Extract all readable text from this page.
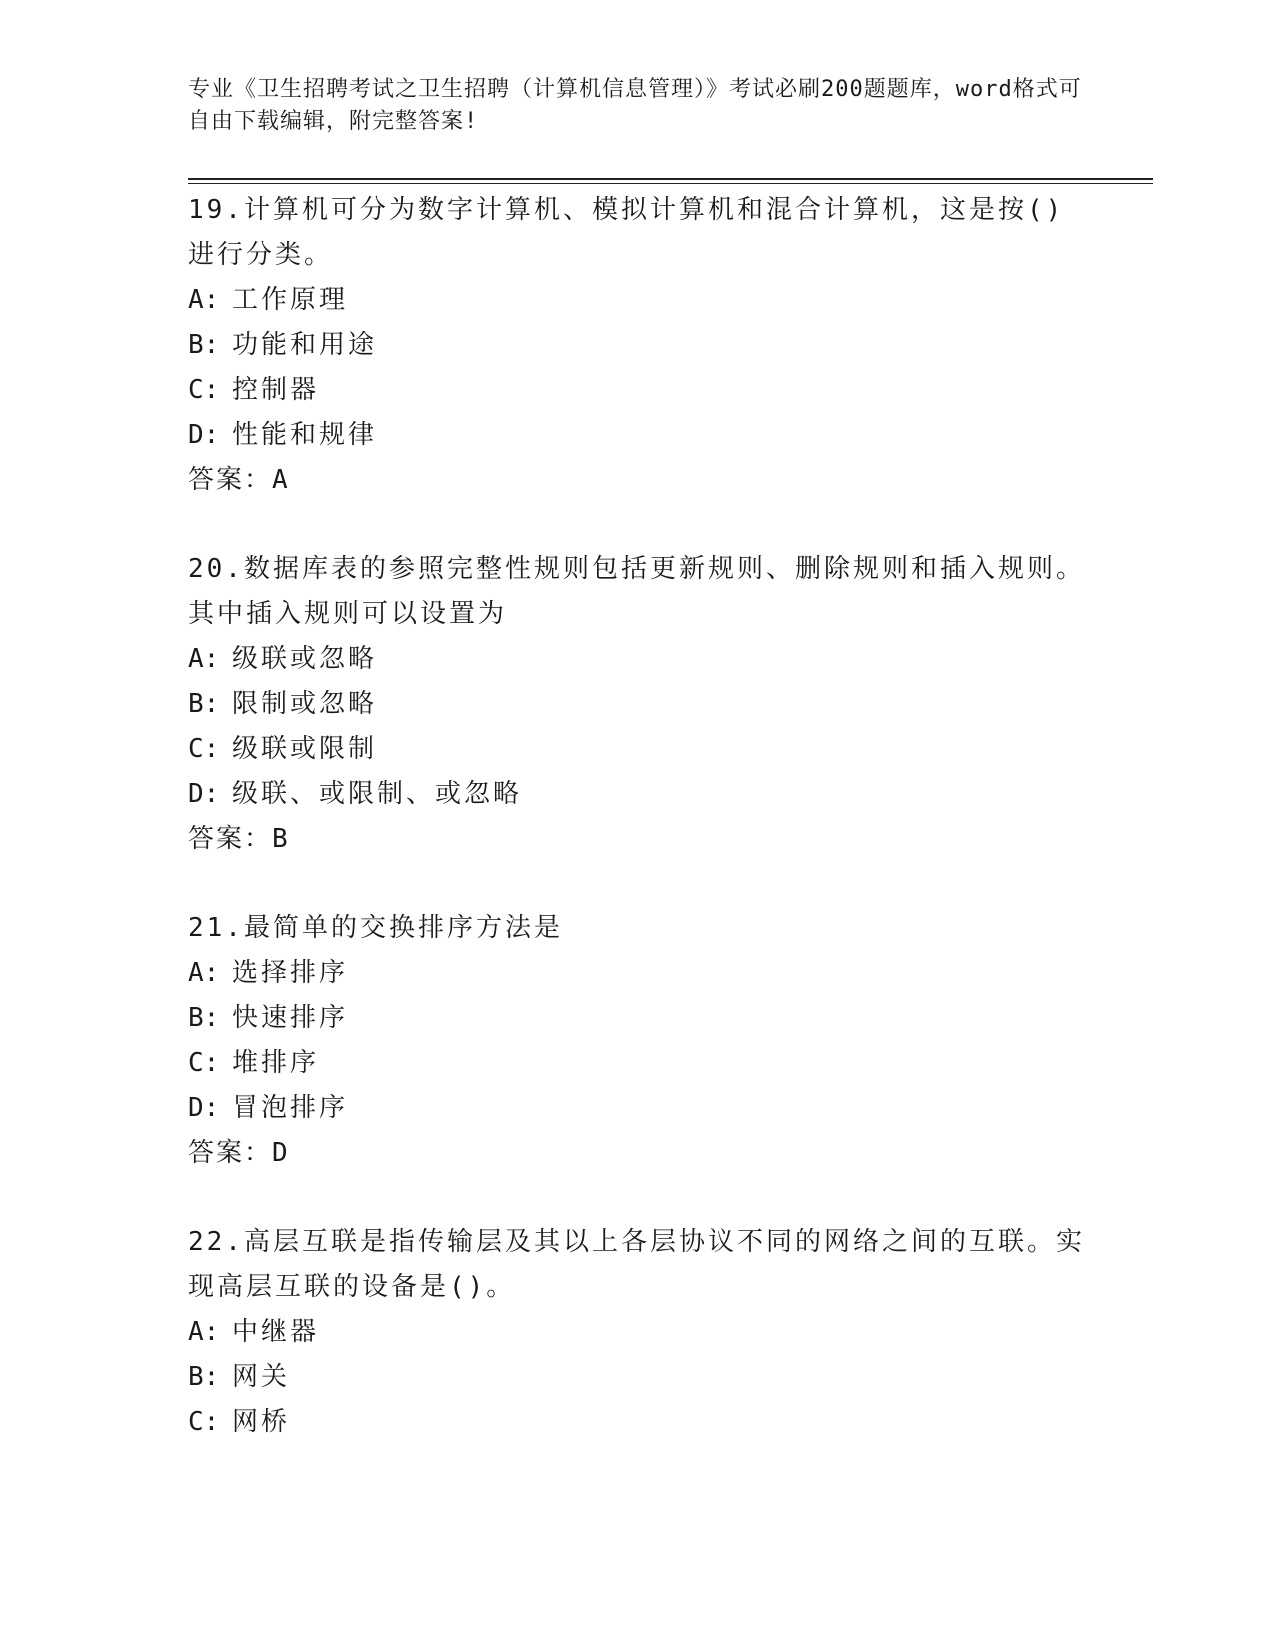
专业《卫生招聘考试之卫生招聘（计算机信息管理）》考试必刷200题题库，word格式可自由下载编辑，附完整答案!
19.计算机可分为数字计算机、模拟计算机和混合计算机，这是按()进行分类。
A: 工作原理
B: 功能和用途
C: 控制器
D: 性能和规律
答案：A
20.数据库表的参照完整性规则包括更新规则、删除规则和插入规则。其中插入规则可以设置为
A: 级联或忽略
B: 限制或忽略
C: 级联或限制
D: 级联、或限制、或忽略
答案：B
21.最简单的交换排序方法是
A: 选择排序
B: 快速排序
C: 堆排序
D: 冒泡排序
答案：D
22.高层互联是指传输层及其以上各层协议不同的网络之间的互联。实现高层互联的设备是()。
A: 中继器
B: 网关
C: 网桥
